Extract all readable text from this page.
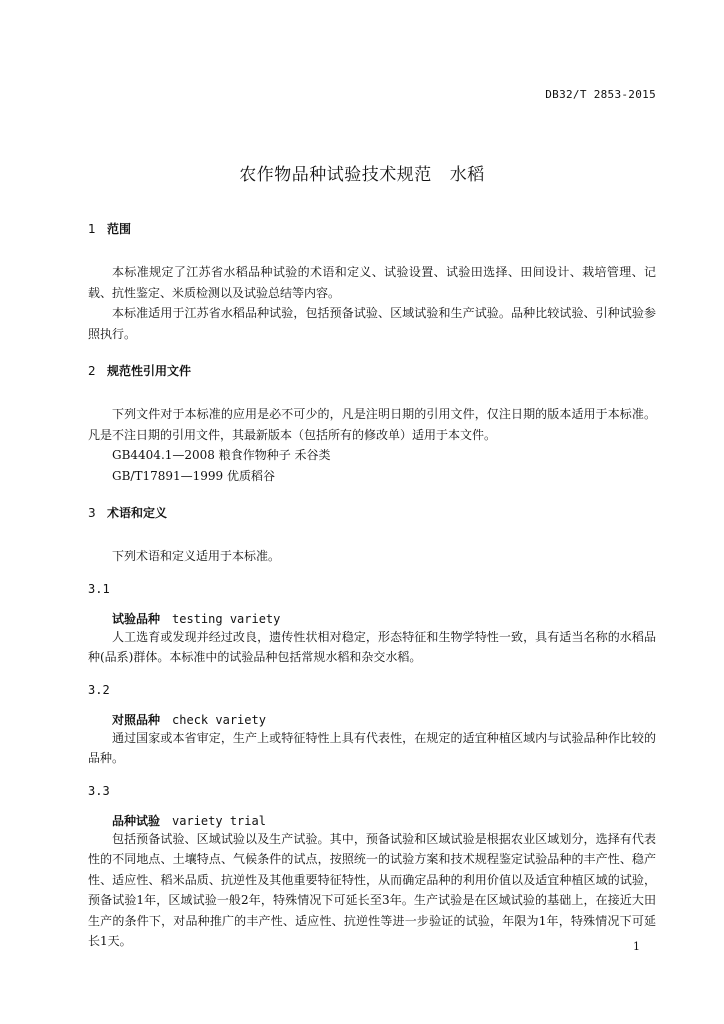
DB32/T 2853-2015
农作物品种试验技术规范 水稻
1 范围

本标准规定了江苏省水稻品种试验的术语和定义、试验设置、试验田选择、田间设计、栽培管理、记载、抗性鉴定、米质检测以及试验总结等内容。

本标准适用于江苏省水稻品种试验，包括预备试验、区域试验和生产试验。品种比较试验、引种试验参照执行。

2 规范性引用文件

下列文件对于本标准的应用是必不可少的，凡是注明日期的引用文件，仅注日期的版本适用于本标准。凡是不注日期的引用文件，其最新版本（包括所有的修改单）适用于本文件。

GB4404.1—2008 粮食作物种子 禾谷类

GB/T17891—1999 优质稻谷

3 术语和定义

下列术语和定义适用于本标准。

3.1
试验品种 testing variety

人工选育或发现并经过改良，遗传性状相对稳定，形态特征和生物学特性一致，具有适当名称的水稻品种(品系)群体。本标准中的试验品种包括常规水稻和杂交水稻。

3.2
对照品种 check variety

通过国家或本省审定，生产上或特征特性上具有代表性，在规定的适宜种植区域内与试验品种作比较的品种。

3.3
品种试验 variety trial

包括预备试验、区域试验以及生产试验。其中，预备试验和区域试验是根据农业区域划分，选择有代表性的不同地点、土壤特点、气候条件的试点，按照统一的试验方案和技术规程鉴定试验品种的丰产性、稳产性、适应性、稻米品质、抗逆性及其他重要特征特性，从而确定品种的利用价值以及适宜种植区域的试验，预备试验1年，区域试验一般2年，特殊情况下可延长至3年。生产试验是在区域试验的基础上，在接近大田生产的条件下，对品种推广的丰产性、适应性、抗逆性等进一步验证的试验，年限为1年，特殊情况下可延长1天。	1
